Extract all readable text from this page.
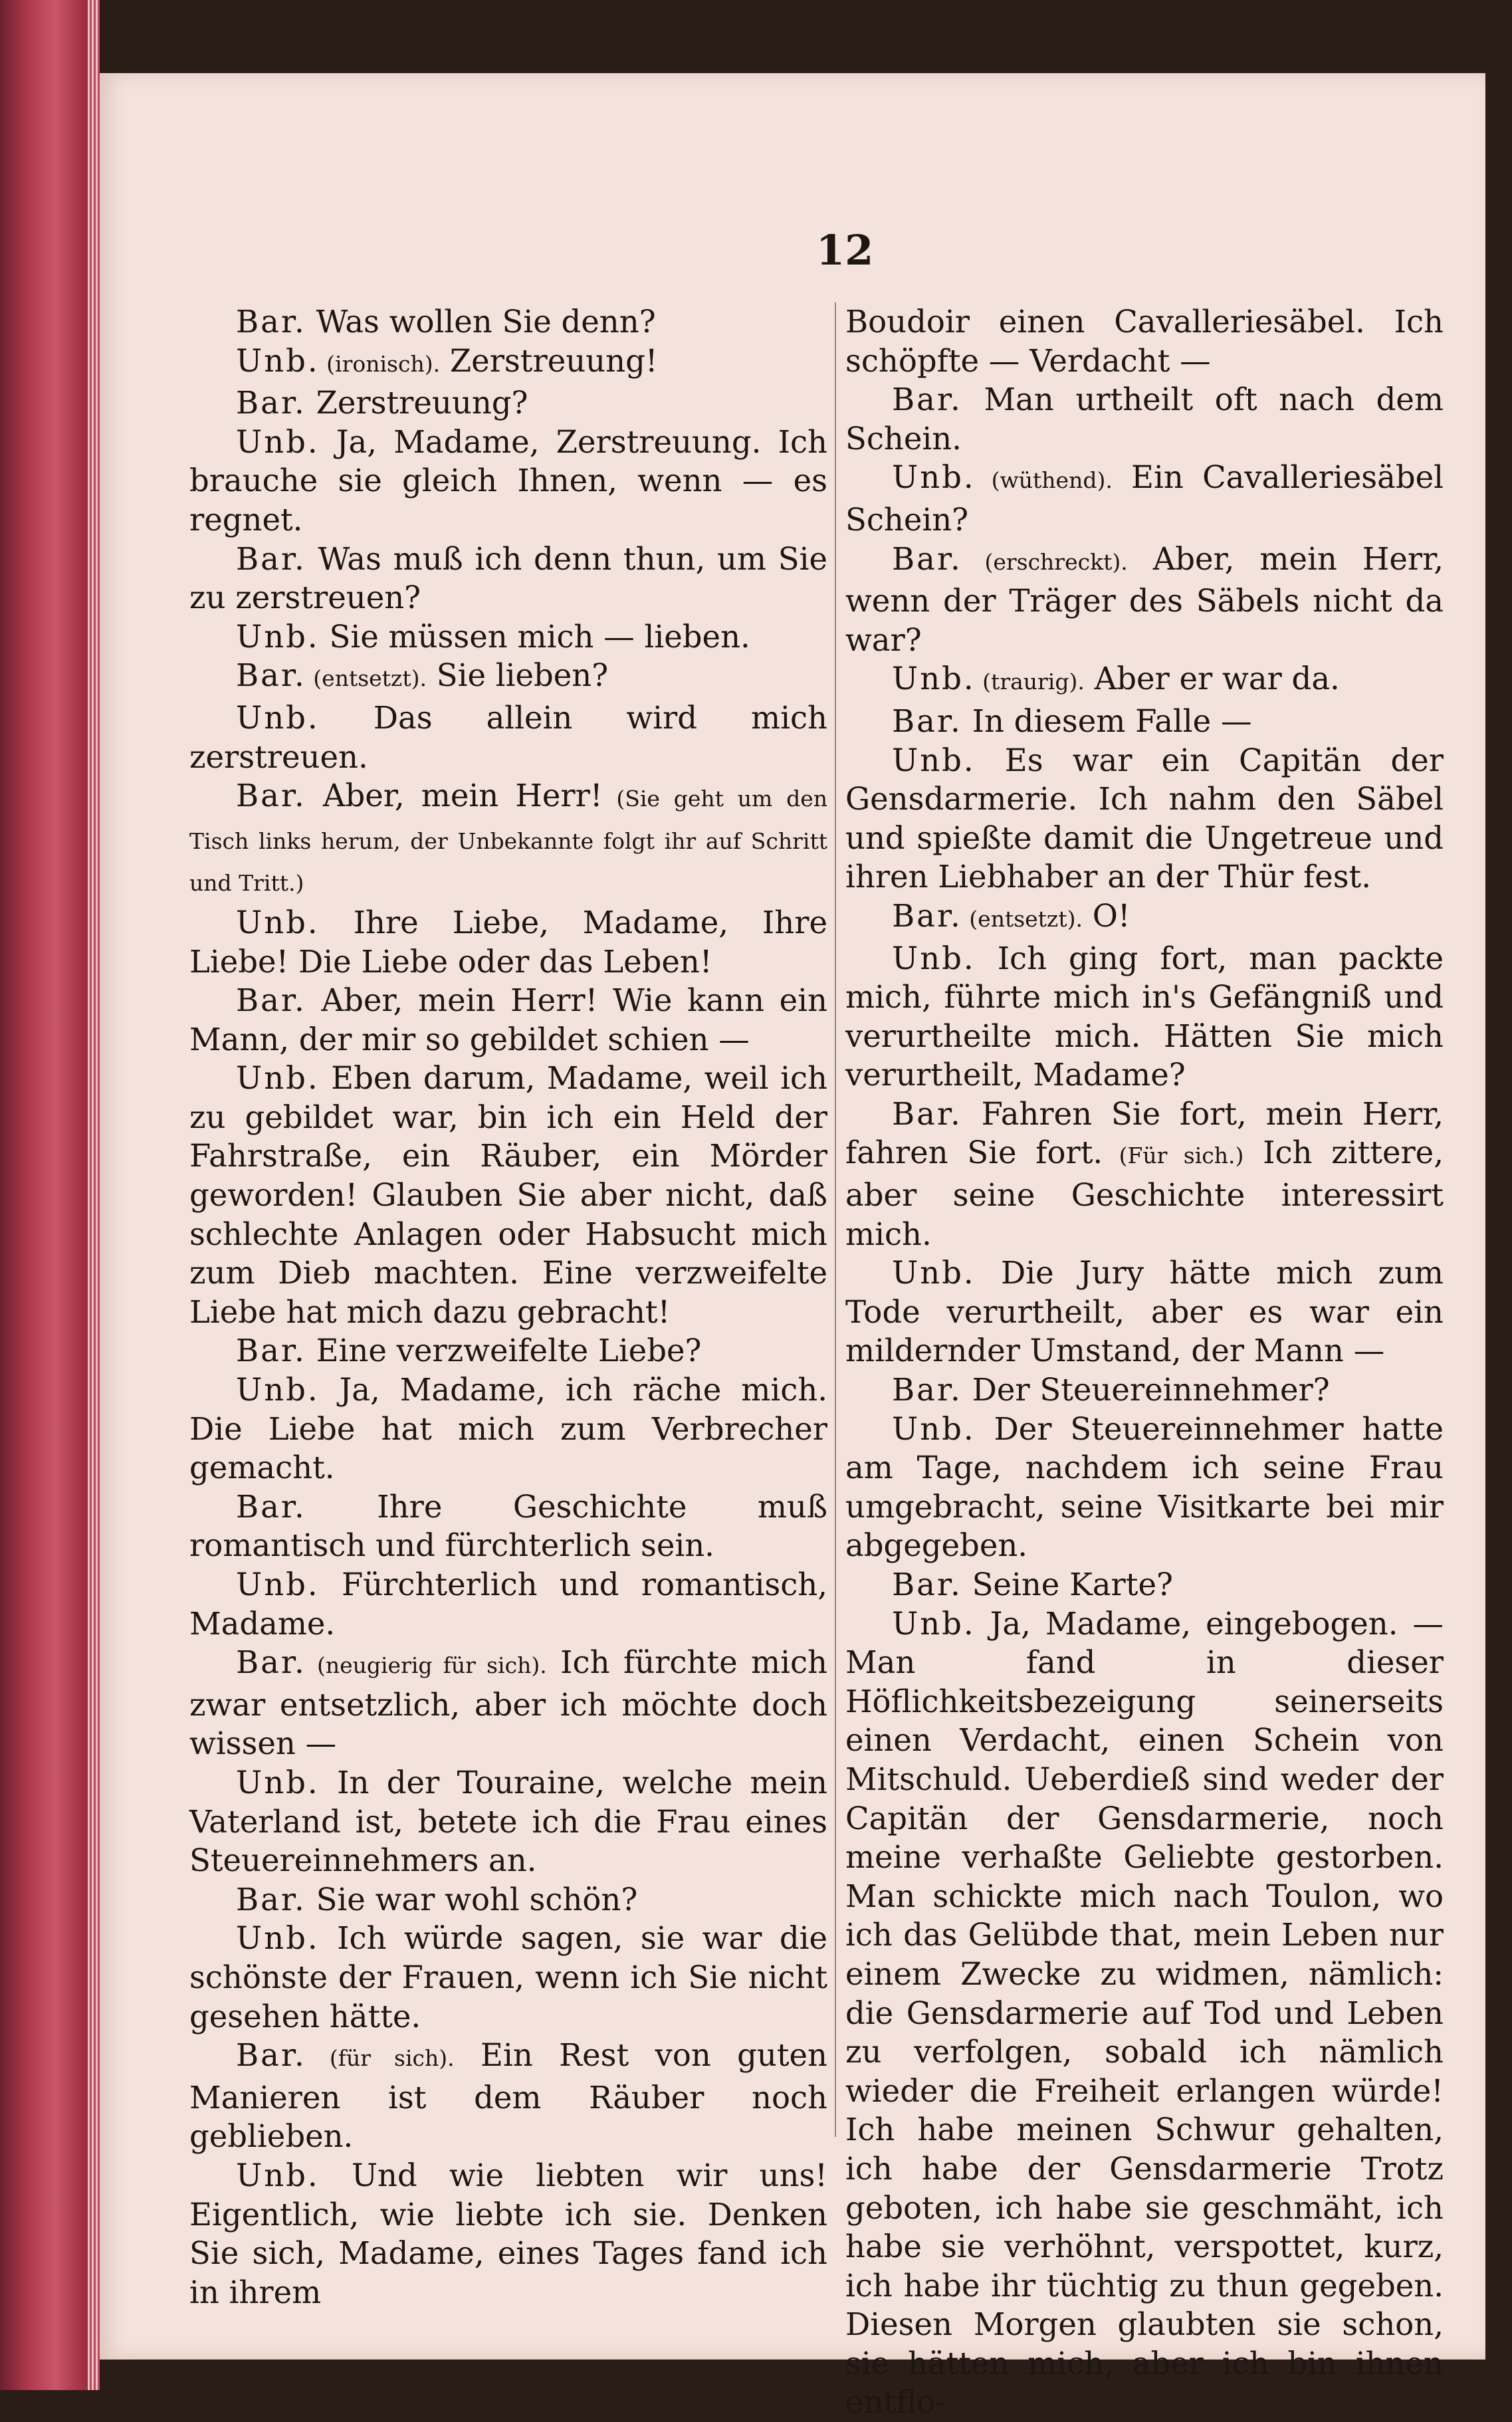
12

Bar. Was wollen Sie denn?

Unb. (ironisch). Zerstreuung!

Bar. Zerstreuung?

Unb. Ja, Madame, Zerstreuung. Ich brauche sie gleich Ihnen, wenn — es regnet.

Bar. Was muß ich denn thun, um Sie zu zerstreuen?

Unb. Sie müssen mich — lieben.

Bar. (entsetzt). Sie lieben?

Unb. Das allein wird mich zerstreuen.

Bar. Aber, mein Herr! (Sie geht um den Tisch links herum, der Unbekannte folgt ihr auf Schritt und Tritt.)

Unb. Ihre Liebe, Madame, Ihre Liebe! Die Liebe oder das Leben!

Bar. Aber, mein Herr! Wie kann ein Mann, der mir so gebildet schien —

Unb. Eben darum, Madame, weil ich zu gebildet war, bin ich ein Held der Fahrstraße, ein Räuber, ein Mörder geworden! Glauben Sie aber nicht, daß schlechte Anlagen oder Habsucht mich zum Dieb machten. Eine verzweifelte Liebe hat mich dazu gebracht!

Bar. Eine verzweifelte Liebe?

Unb. Ja, Madame, ich räche mich. Die Liebe hat mich zum Verbrecher gemacht.

Bar. Ihre Geschichte muß romantisch und fürchterlich sein.

Unb. Fürchterlich und romantisch, Madame.

Bar. (neugierig für sich). Ich fürchte mich zwar entsetzlich, aber ich möchte doch wissen —

Unb. In der Touraine, welche mein Vaterland ist, betete ich die Frau eines Steuereinnehmers an.

Bar. Sie war wohl schön?

Unb. Ich würde sagen, sie war die schönste der Frauen, wenn ich Sie nicht gesehen hätte.

Bar. (für sich). Ein Rest von guten Manieren ist dem Räuber noch geblieben.

Unb. Und wie liebten wir uns! Eigentlich, wie liebte ich sie. Denken Sie sich, Madame, eines Tages fand ich in ihrem

Boudoir einen Cavalleriesäbel. Ich schöpfte — Verdacht —

Bar. Man urtheilt oft nach dem Schein.

Unb. (wüthend). Ein Cavalleriesäbel Schein?

Bar. (erschreckt). Aber, mein Herr, wenn der Träger des Säbels nicht da war?

Unb. (traurig). Aber er war da.

Bar. In diesem Falle —

Unb. Es war ein Capitän der Gensdarmerie. Ich nahm den Säbel und spießte damit die Ungetreue und ihren Liebhaber an der Thür fest.

Bar. (entsetzt). O!

Unb. Ich ging fort, man packte mich, führte mich in's Gefängniß und verurtheilte mich. Hätten Sie mich verurtheilt, Madame?

Bar. Fahren Sie fort, mein Herr, fahren Sie fort. (Für sich.) Ich zittere, aber seine Geschichte interessirt mich.

Unb. Die Jury hätte mich zum Tode verurtheilt, aber es war ein mildernder Umstand, der Mann —

Bar. Der Steuereinnehmer?

Unb. Der Steuereinnehmer hatte am Tage, nachdem ich seine Frau umgebracht, seine Visitkarte bei mir abgegeben.

Bar. Seine Karte?

Unb. Ja, Madame, eingebogen. — Man fand in dieser Höflichkeitsbezeigung seinerseits einen Verdacht, einen Schein von Mitschuld. Ueberdieß sind weder der Capitän der Gensdarmerie, noch meine verhaßte Geliebte gestorben. Man schickte mich nach Toulon, wo ich das Gelübde that, mein Leben nur einem Zwecke zu widmen, nämlich: die Gensdarmerie auf Tod und Leben zu verfolgen, sobald ich nämlich wieder die Freiheit erlangen würde! Ich habe meinen Schwur gehalten, ich habe der Gensdarmerie Trotz geboten, ich habe sie geschmäht, ich habe sie verhöhnt, verspottet, kurz, ich habe ihr tüchtig zu thun gegeben. Diesen Morgen glaubten sie schon, sie hätten mich, aber ich bin ihnen entflo-
